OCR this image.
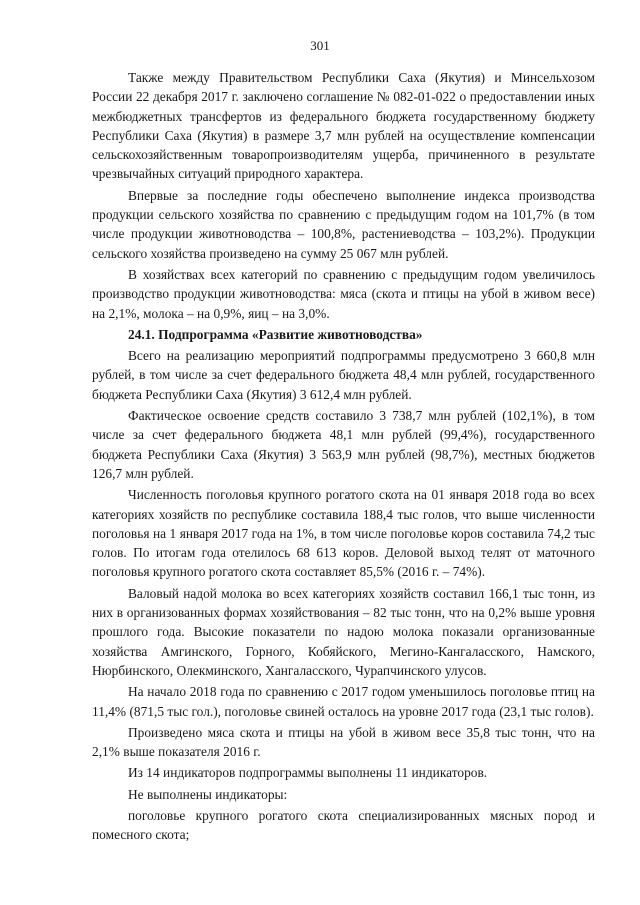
301

Также между Правительством Республики Саха (Якутия) и Минсельхозом России 22 декабря 2017 г. заключено соглашение № 082-01-022 о предоставлении иных межбюджетных трансфертов из федерального бюджета государственному бюджету Республики Саха (Якутия) в размере 3,7 млн рублей на осуществление компенсации сельскохозяйственным товаропроизводителям ущерба, причиненного в результате чрезвычайных ситуаций природного характера.

Впервые за последние годы обеспечено выполнение индекса производства продукции сельского хозяйства по сравнению с предыдущим годом на 101,7% (в том числе продукции животноводства – 100,8%, растениеводства – 103,2%). Продукции сельского хозяйства произведено на сумму 25 067 млн рублей.

В хозяйствах всех категорий по сравнению с предыдущим годом увеличилось производство продукции животноводства: мяса (скота и птицы на убой в живом весе) на 2,1%, молока – на 0,9%, яиц – на 3,0%.

24.1. Подпрограмма «Развитие животноводства»

Всего на реализацию мероприятий подпрограммы предусмотрено 3 660,8 млн рублей, в том числе за счет федерального бюджета 48,4 млн рублей, государственного бюджета Республики Саха (Якутия) 3 612,4 млн рублей.

Фактическое освоение средств составило 3 738,7 млн рублей (102,1%), в том числе за счет федерального бюджета 48,1 млн рублей (99,4%), государственного бюджета Республики Саха (Якутия) 3 563,9 млн рублей (98,7%), местных бюджетов 126,7 млн рублей.

Численность поголовья крупного рогатого скота на 01 января 2018 года во всех категориях хозяйств по республике составила 188,4 тыс голов, что выше численности поголовья на 1 января 2017 года на 1%, в том числе поголовье коров составила 74,2 тыс голов. По итогам года отелилось 68 613 коров. Деловой выход телят от маточного поголовья крупного рогатого скота составляет 85,5% (2016 г. – 74%).

Валовый надой молока во всех категориях хозяйств составил 166,1 тыс тонн, из них в организованных формах хозяйствования – 82 тыс тонн, что на 0,2% выше уровня прошлого года. Высокие показатели по надою молока показали организованные хозяйства Амгинского, Горного, Кобяйского, Мегино-Кангаласского, Намского, Нюрбинского, Олекминского, Хангаласского, Чурапчинского улусов.

На начало 2018 года по сравнению с 2017 годом уменьшилось поголовье птиц на 11,4% (871,5 тыс гол.), поголовье свиней осталось на уровне 2017 года (23,1 тыс голов).

Произведено мяса скота и птицы на убой в живом весе 35,8 тыс тонн, что на 2,1% выше показателя 2016 г.

Из 14 индикаторов подпрограммы выполнены 11 индикаторов.

Не выполнены индикаторы:

поголовье крупного рогатого скота специализированных мясных пород и помесного скота;
